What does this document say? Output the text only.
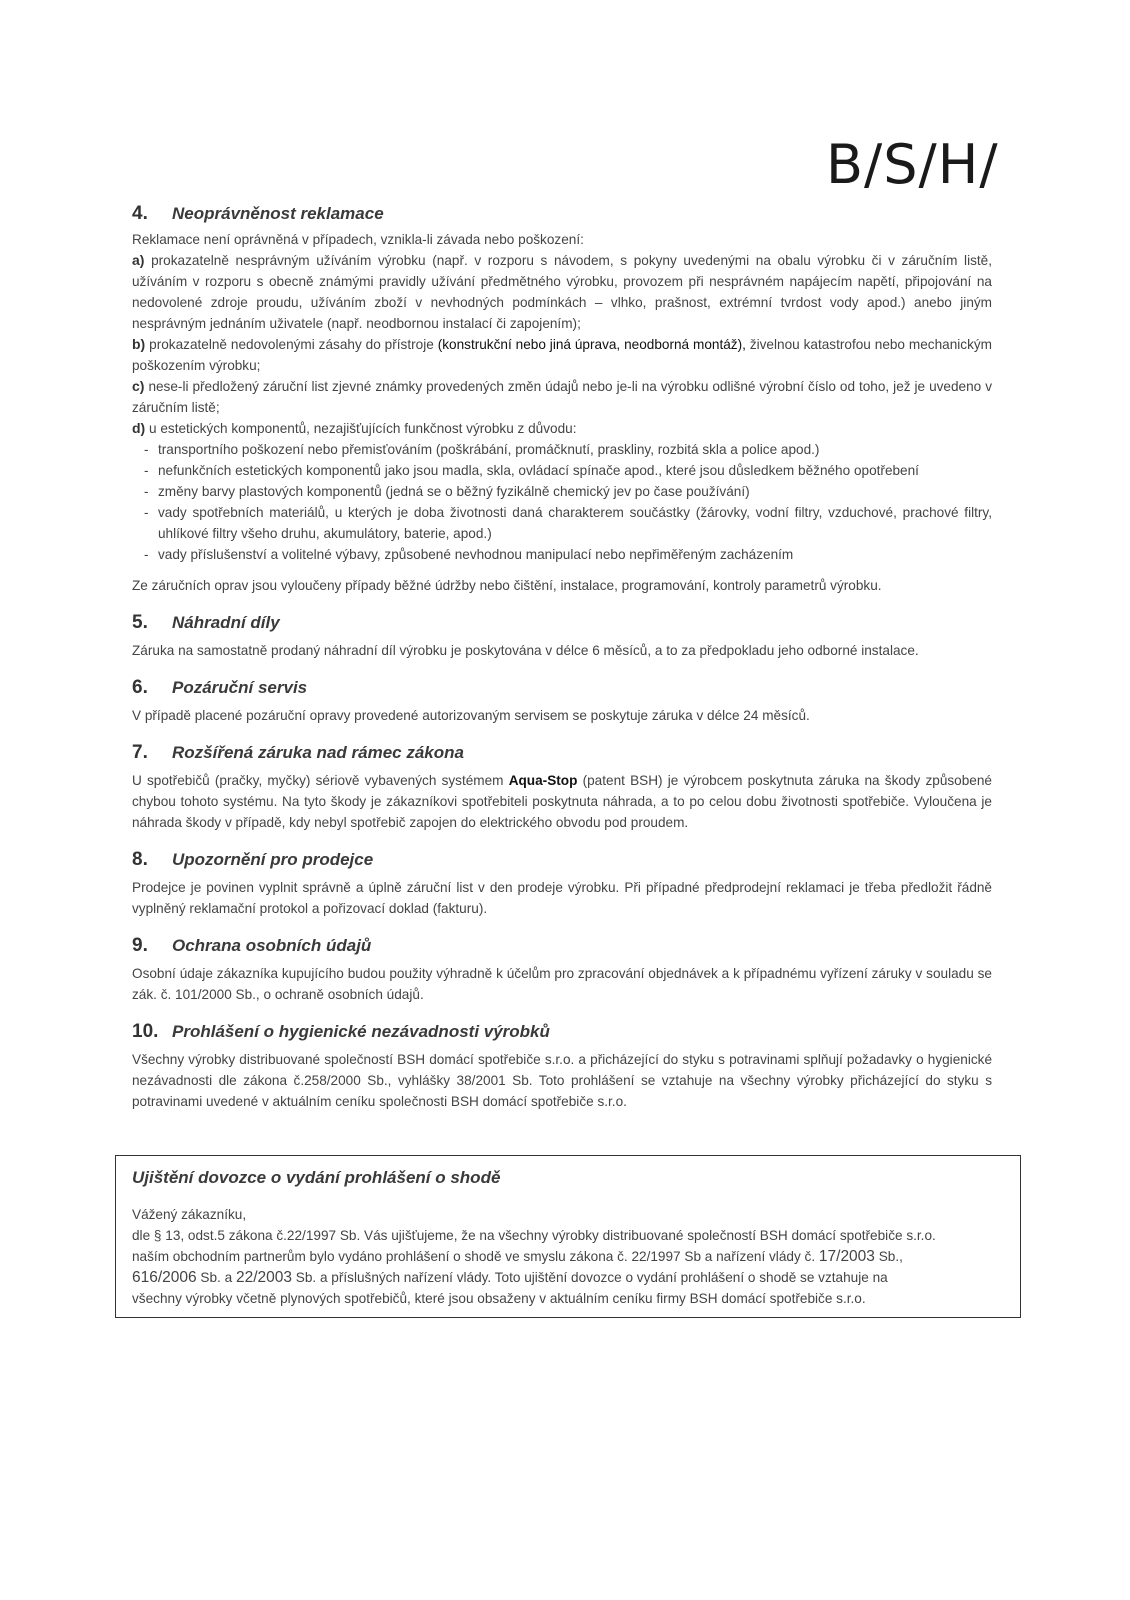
B/S/H/
4.	Neoprávněnost reklamace

Reklamace není oprávněná v případech, vznikla-li závada nebo poškození:

a) prokazatelně nesprávným užíváním výrobku (např. v rozporu s návodem, s pokyny uvedenými na obalu výrobku či v záručním listě, užíváním v rozporu s obecně známými pravidly užívání předmětného výrobku, provozem při nesprávném napájecím napětí, připojování na nedovolené zdroje proudu, užíváním zboží v nevhodných podmínkách – vlhko, prašnost, extrémní tvrdost vody apod.) anebo jiným nesprávným jednáním uživatele (např. neodbornou instalací či zapojením);

b) prokazatelně nedovolenými zásahy do přístroje (konstrukční nebo jiná úprava, neodborná montáž), živelnou katastrofou nebo mechanickým poškozením výrobku;

c) nese-li předložený záruční list zjevné známky provedených změn údajů nebo je-li na výrobku odlišné výrobní číslo od toho, jež je uvedeno v záručním listě;

d) u estetických komponentů, nezajišťujících funkčnost výrobku z důvodu:

- transportního poškození nebo přemisťováním (poškrábání, promáčknutí, praskliny, rozbitá skla a police apod.)
- nefunkčních estetických komponentů jako jsou madla, skla, ovládací spínače apod., které jsou důsledkem běžného opotřebení
- změny barvy plastových komponentů (jedná se o běžný fyzikálně chemický jev po čase používání)
- vady spotřebních materiálů, u kterých je doba životnosti daná charakterem součástky (žárovky, vodní filtry, vzduchové, prachové filtry, uhlíkové filtry všeho druhu, akumulátory, baterie, apod.)
- vady příslušenství a volitelné výbavy, způsobené nevhodnou manipulací nebo nepřiměřeným zacházením

Ze záručních oprav jsou vyloučeny případy běžné údržby nebo čištění, instalace, programování, kontroly parametrů výrobku.

5.	Náhradní díly

Záruka na samostatně prodaný náhradní díl výrobku je poskytována v délce 6 měsíců, a to za předpokladu jeho odborné instalace.

6.	Pozáruční servis

V případě placené pozáruční opravy provedené autorizovaným servisem se poskytuje záruka v délce 24 měsíců.

7.	Rozšířená záruka nad rámec zákona

U spotřebičů (pračky, myčky) sériově vybavených systémem Aqua-Stop (patent BSH) je výrobcem poskytnuta záruka na škody způsobené chybou tohoto systému. Na tyto škody je zákazníkovi spotřebiteli poskytnuta náhrada, a to po celou dobu životnosti spotřebiče. Vyloučena je náhrada škody v případě, kdy nebyl spotřebič zapojen do elektrického obvodu pod proudem.

8.	Upozornění pro prodejce

Prodejce je povinen vyplnit správně a úplně záruční list v den prodeje výrobku. Při případné předprodejní reklamaci je třeba předložit řádně vyplněný reklamační protokol a pořizovací doklad (fakturu).

9.	Ochrana osobních údajů

Osobní údaje zákazníka kupujícího budou použity výhradně k účelům pro zpracování objednávek a k případnému vyřízení záruky v souladu se zák. č. 101/2000 Sb., o ochraně osobních údajů.

10. Prohlášení o hygienické nezávadnosti výrobků

Všechny výrobky distribuované společností BSH domácí spotřebiče s.r.o. a přicházející do styku s potravinami splňují požadavky o hygienické nezávadnosti dle zákona č.258/2000 Sb., vyhlášky 38/2001 Sb. Toto prohlášení se vztahuje na všechny výrobky přicházející do styku s potravinami uvedené v aktuálním ceníku společnosti BSH domácí spotřebiče s.r.o.

Ujištění dovozce o vydání prohlášení o shodě

Vážený zákazníku,

dle § 13, odst.5 zákona č.22/1997 Sb. Vás ujišťujeme, že na všechny výrobky distribuované společností BSH domácí spotřebiče s.r.o.

naším obchodním partnerům bylo vydáno prohlášení o shodě ve smyslu zákona č. 22/1997 Sb a nařízení vlády č. 17/2003 Sb.,

616/2006 Sb. a 22/2003 Sb. a příslušných nařízení vlády. Toto ujištění dovozce o vydání prohlášení o shodě se vztahuje na

všechny výrobky včetně plynových spotřebičů, které jsou obsaženy v aktuálním ceníku firmy BSH domácí spotřebiče s.r.o.
